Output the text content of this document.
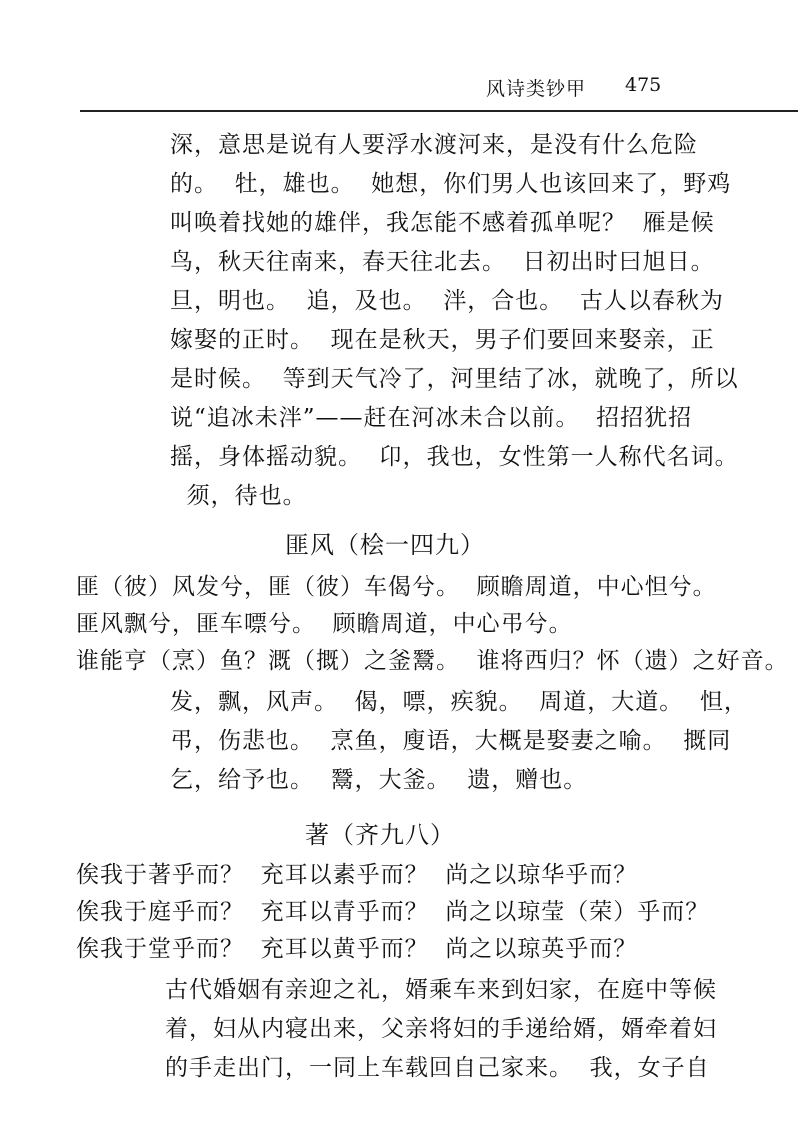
风诗类钞甲 475
深，意思是说有人要浮水渡河来，是没有什么危险
的。  牡，雄也。  她想，你们男人也该回来了，野鸡
叫唤着找她的雄伴，我怎能不感着孤单呢？  雁是候
鸟，秋天往南来，春天往北去。  日初出时曰旭日。
旦，明也。  追，及也。  泮，合也。  古人以春秋为
嫁娶的正时。  现在是秋天，男子们要回来娶亲，正
是时候。  等到天气冷了，河里结了冰，就晚了，所以
说“追冰未泮”——赶在河冰未合以前。  招招犹招
摇，身体摇动貌。  卬，我也，女性第一人称代名词。
须，待也。
匪风（桧一四九）
匪（彼）风发兮，匪（彼）车偈兮。  顾瞻周道，中心怛兮。
匪风飘兮，匪车嘌兮。  顾瞻周道，中心弔兮。
谁能亨（烹）鱼？溉（摡）之釜鬵。  谁将西归？怀（遗）之好音。
发，飘，风声。  偈，嘌，疾貌。  周道，大道。  怛，
弔，伤悲也。  烹鱼，廋语，大概是娶妻之喻。  摡同
乞，给予也。  鬵，大釜。  遗，赠也。
著（齐九八）
俟我于著乎而？  充耳以素乎而？  尚之以琼华乎而？
俟我于庭乎而？  充耳以青乎而？  尚之以琼莹（荣）乎而？
俟我于堂乎而？  充耳以黄乎而？  尚之以琼英乎而？
古代婚姻有亲迎之礼，婿乘车来到妇家，在庭中等候
着，妇从内寝出来，父亲将妇的手递给婿，婿牵着妇
的手走出门，一同上车载回自己家来。  我，女子自
